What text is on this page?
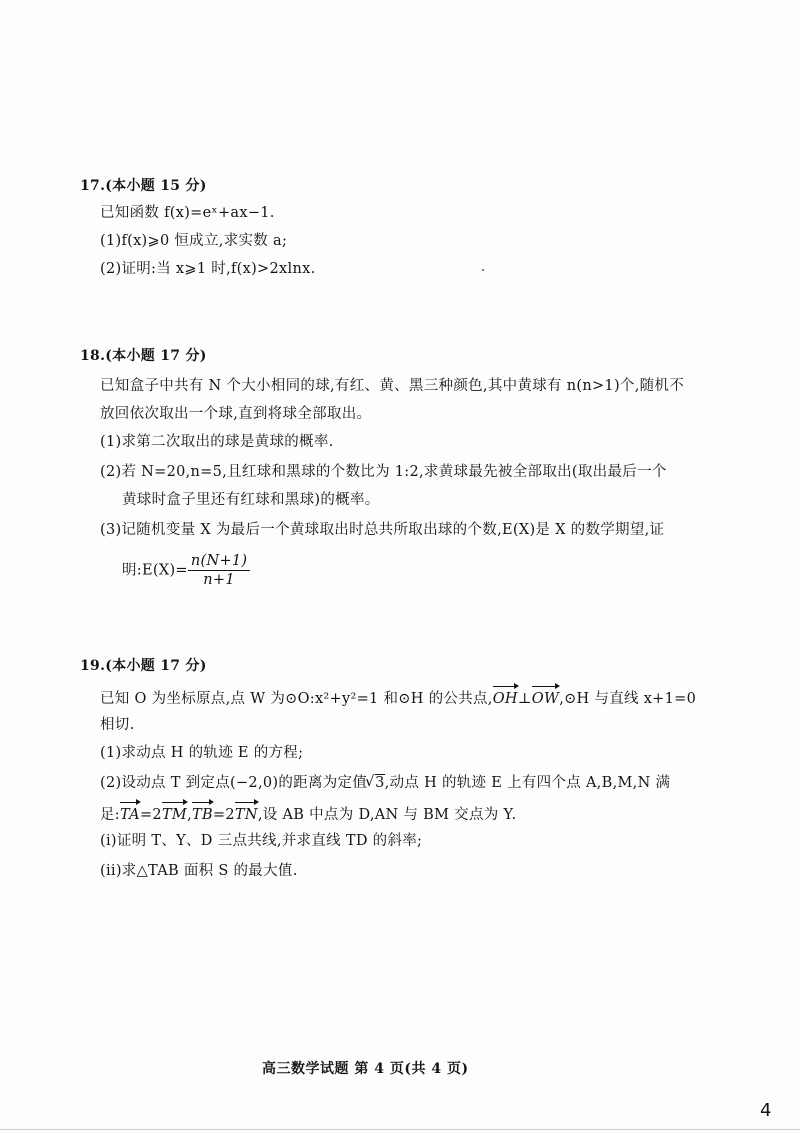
17.(本小题 15 分)
已知函数 f(x)=eˣ+ax−1.
(1)f(x)⩾0 恒成立,求实数 a;
(2)证明:当 x⩾1 时,f(x)>2xlnx.
18.(本小题 17 分)
已知盒子中共有 N 个大小相同的球,有红、黄、黑三种颜色,其中黄球有 n(n>1)个,随机不
放回依次取出一个球,直到将球全部取出。
(1)求第二次取出的球是黄球的概率.
(2)若 N=20,n=5,且红球和黑球的个数比为 1:2,求黄球最先被全部取出(取出最后一个
黄球时盒子里还有红球和黑球)的概率。
(3)记随机变量 X 为最后一个黄球取出时总共所取出球的个数,E(X)是 X 的数学期望,证
明:E(X)= $\frac{n(N+1)}{n+1}$
19.(本小题 17 分)
已知 O 为坐标原点,点 W 为⊙O:x²+y²=1 和⊙H 的公共点,OH⊥OW,⊙H 与直线 x+1=0
相切.
(1)求动点 H 的轨迹 E 的方程;
(2)设动点 T 到定点(−2,0)的距离为定值√ 3,动点 H 的轨迹 E 上有四个点 A,B,M,N 满
足:TA=2TM,TB=2TN,设 AB 中点为 D,AN 与 BM 交点为 Y.
(i)证明 T、Y、D 三点共线,并求直线 TD 的斜率;
(ii)求△TAB 面积 S 的最大值.
高三数学试题 第 4 页(共 4 页)
4
